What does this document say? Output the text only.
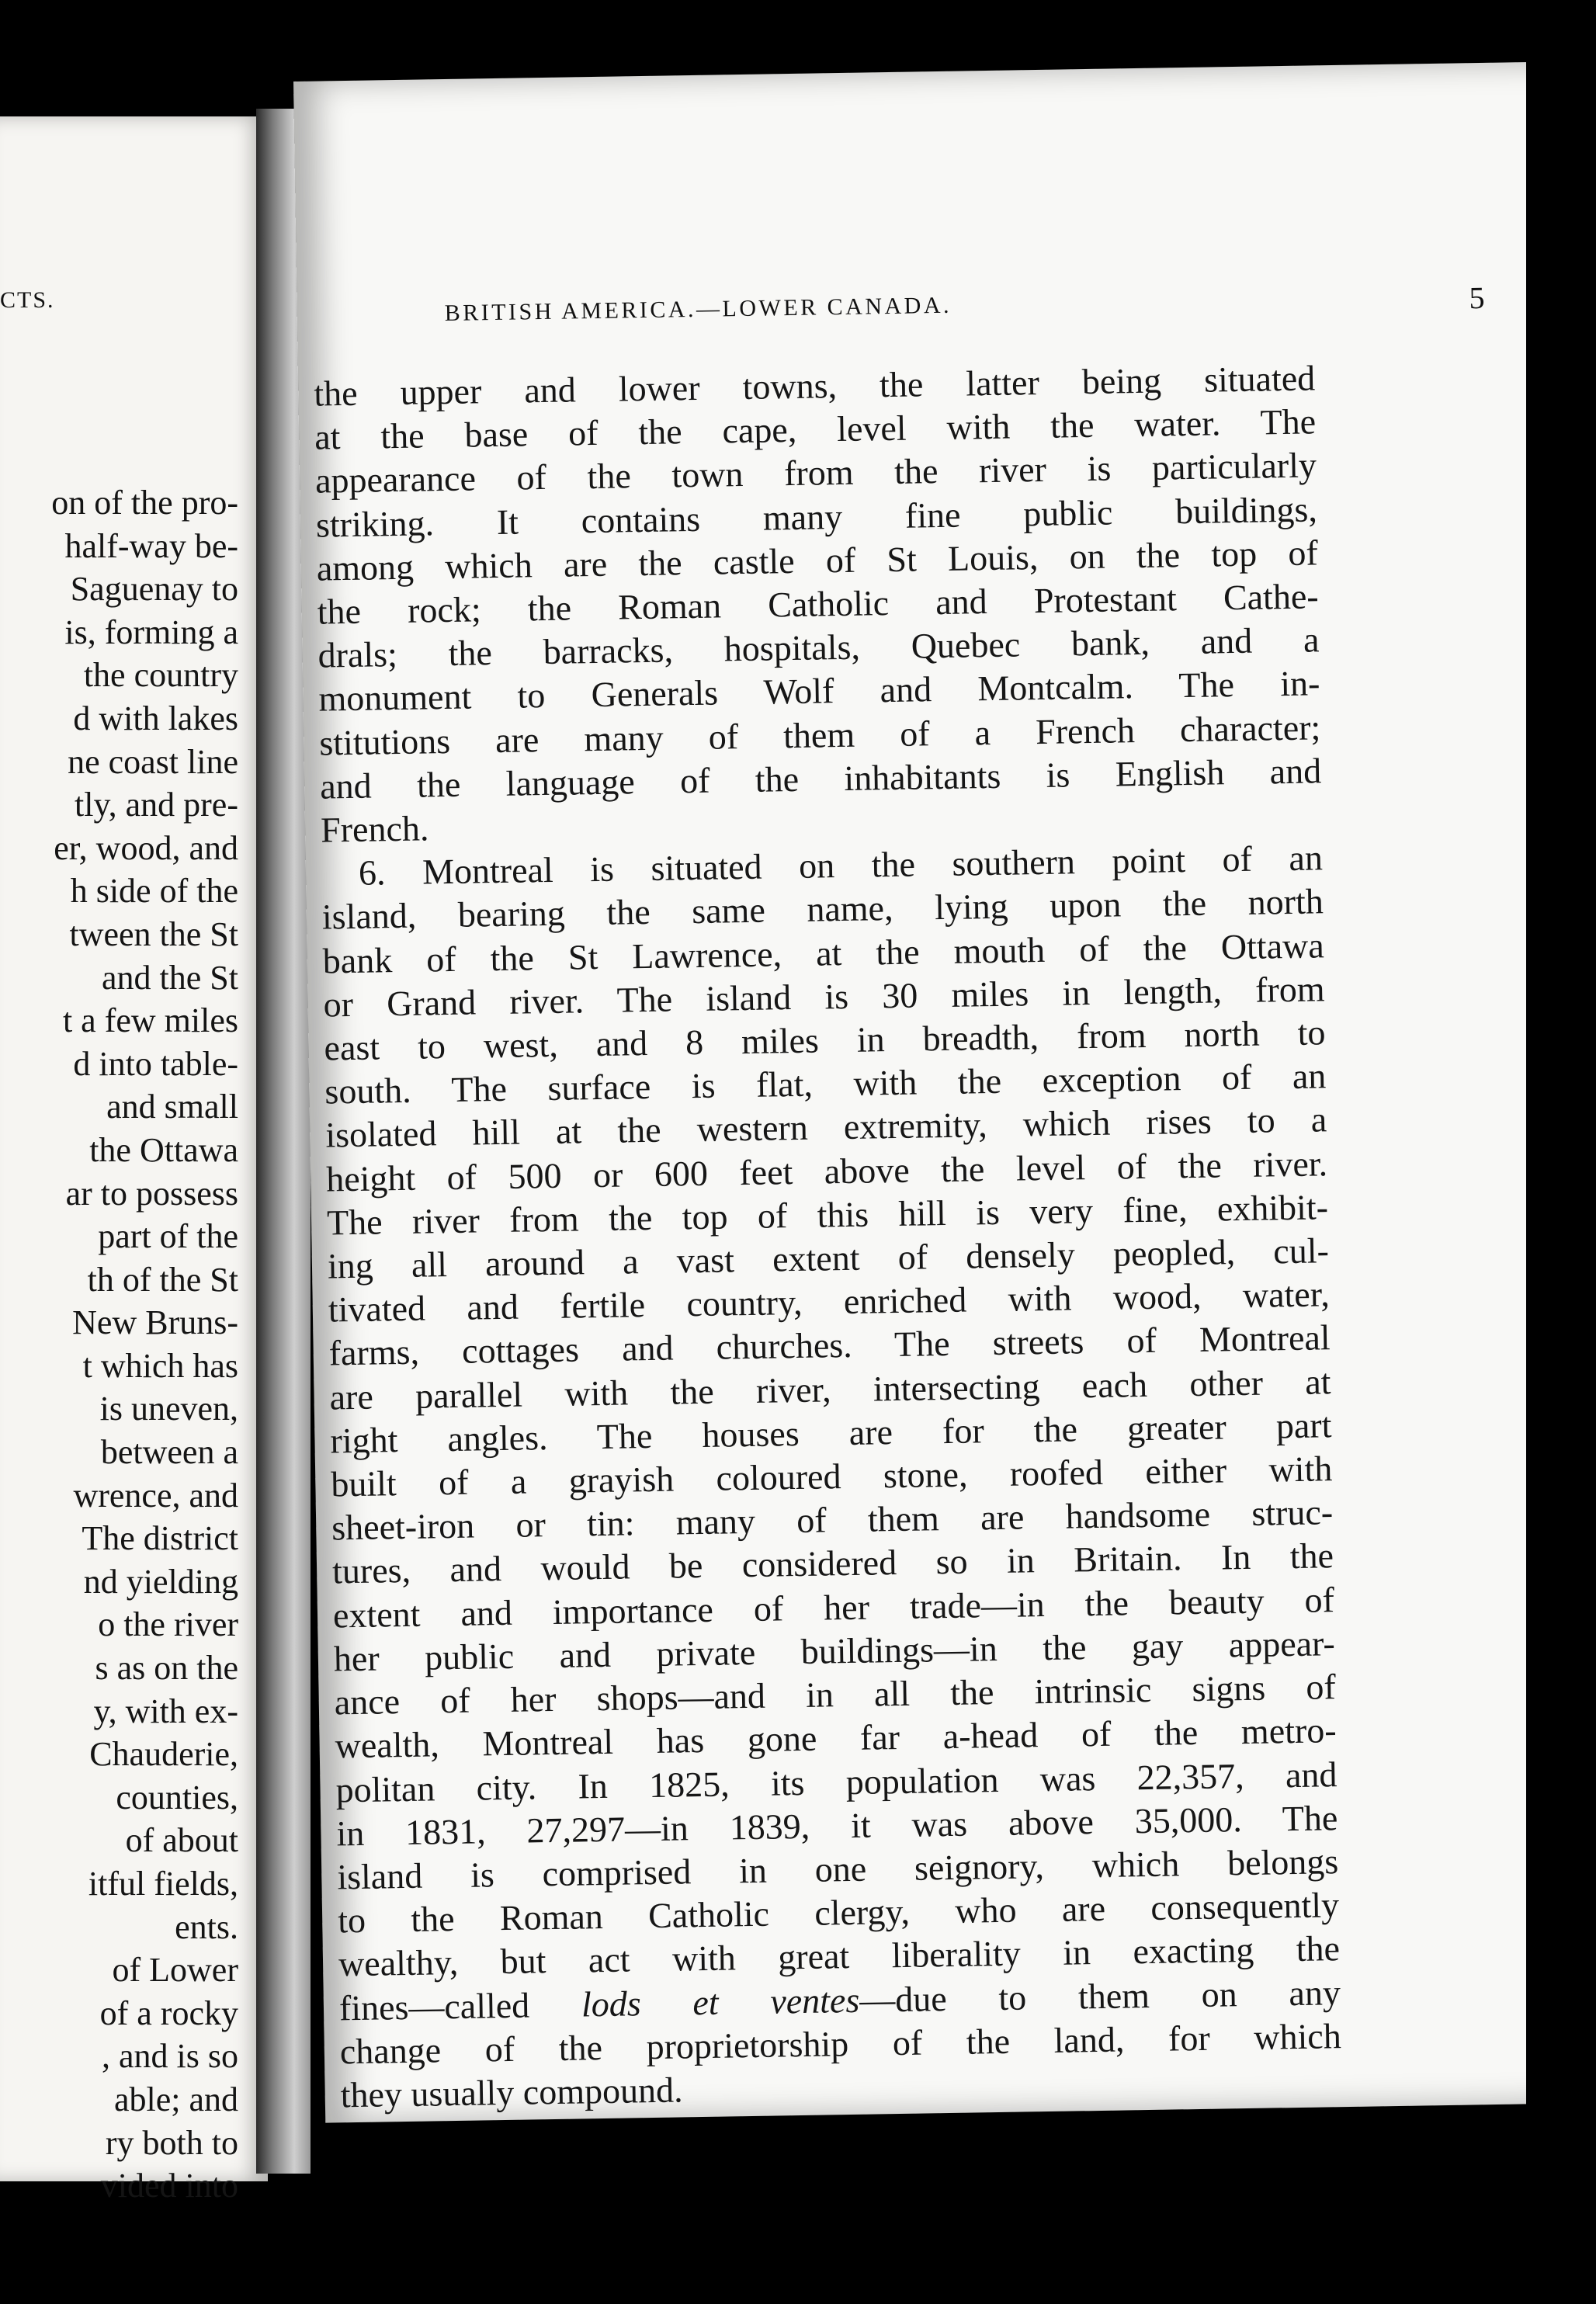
CTS.
on of the pro-
half-way be-
Saguenay to
is, forming a
the country
d with lakes
ne coast line
tly, and pre-
er, wood, and
h side of the
tween the St
and the St
t a few miles
d into table-
and small
the Ottawa
ar to possess
part of the
th of the St
New Bruns-
t which has
is uneven,
between a
wrence, and
The district
nd yielding
o the river
s as on the
y, with ex-
Chauderie,
counties,
of about
itful fields,
ents.
of Lower
of a rocky
, and is so
able; and
ry both to
vided into
BRITISH AMERICA.—LOWER CANADA.	5
the upper and lower towns, the latter being situated
at the base of the cape, level with the water. The
appearance of the town from the river is particularly
striking. It contains many fine public buildings,
among which are the castle of St Louis, on the top of
the rock; the Roman Catholic and Protestant Cathe-
drals; the barracks, hospitals, Quebec bank, and a
monument to Generals Wolf and Montcalm. The in-
stitutions are many of them of a French character;
and the language of the inhabitants is English and
French.
6. Montreal is situated on the southern point of an
island, bearing the same name, lying upon the north
bank of the St Lawrence, at the mouth of the Ottawa
or Grand river. The island is 30 miles in length, from
east to west, and 8 miles in breadth, from north to
south. The surface is flat, with the exception of an
isolated hill at the western extremity, which rises to a
height of 500 or 600 feet above the level of the river.
The river from the top of this hill is very fine, exhibit-
ing all around a vast extent of densely peopled, cul-
tivated and fertile country, enriched with wood, water,
farms, cottages and churches. The streets of Montreal
are parallel with the river, intersecting each other at
right angles. The houses are for the greater part
built of a grayish coloured stone, roofed either with
sheet-iron or tin: many of them are handsome struc-
tures, and would be considered so in Britain. In the
extent and importance of her trade—in the beauty of
her public and private buildings—in the gay appear-
ance of her shops—and in all the intrinsic signs of
wealth, Montreal has gone far a-head of the metro-
politan city. In 1825, its population was 22,357, and
in 1831, 27,297—in 1839, it was above 35,000. The
island is comprised in one seignory, which belongs
to the Roman Catholic clergy, who are consequently
wealthy, but act with great liberality in exacting the
fines—called lods et ventes—due to them on any
change of the proprietorship of the land, for which
they usually compound.
